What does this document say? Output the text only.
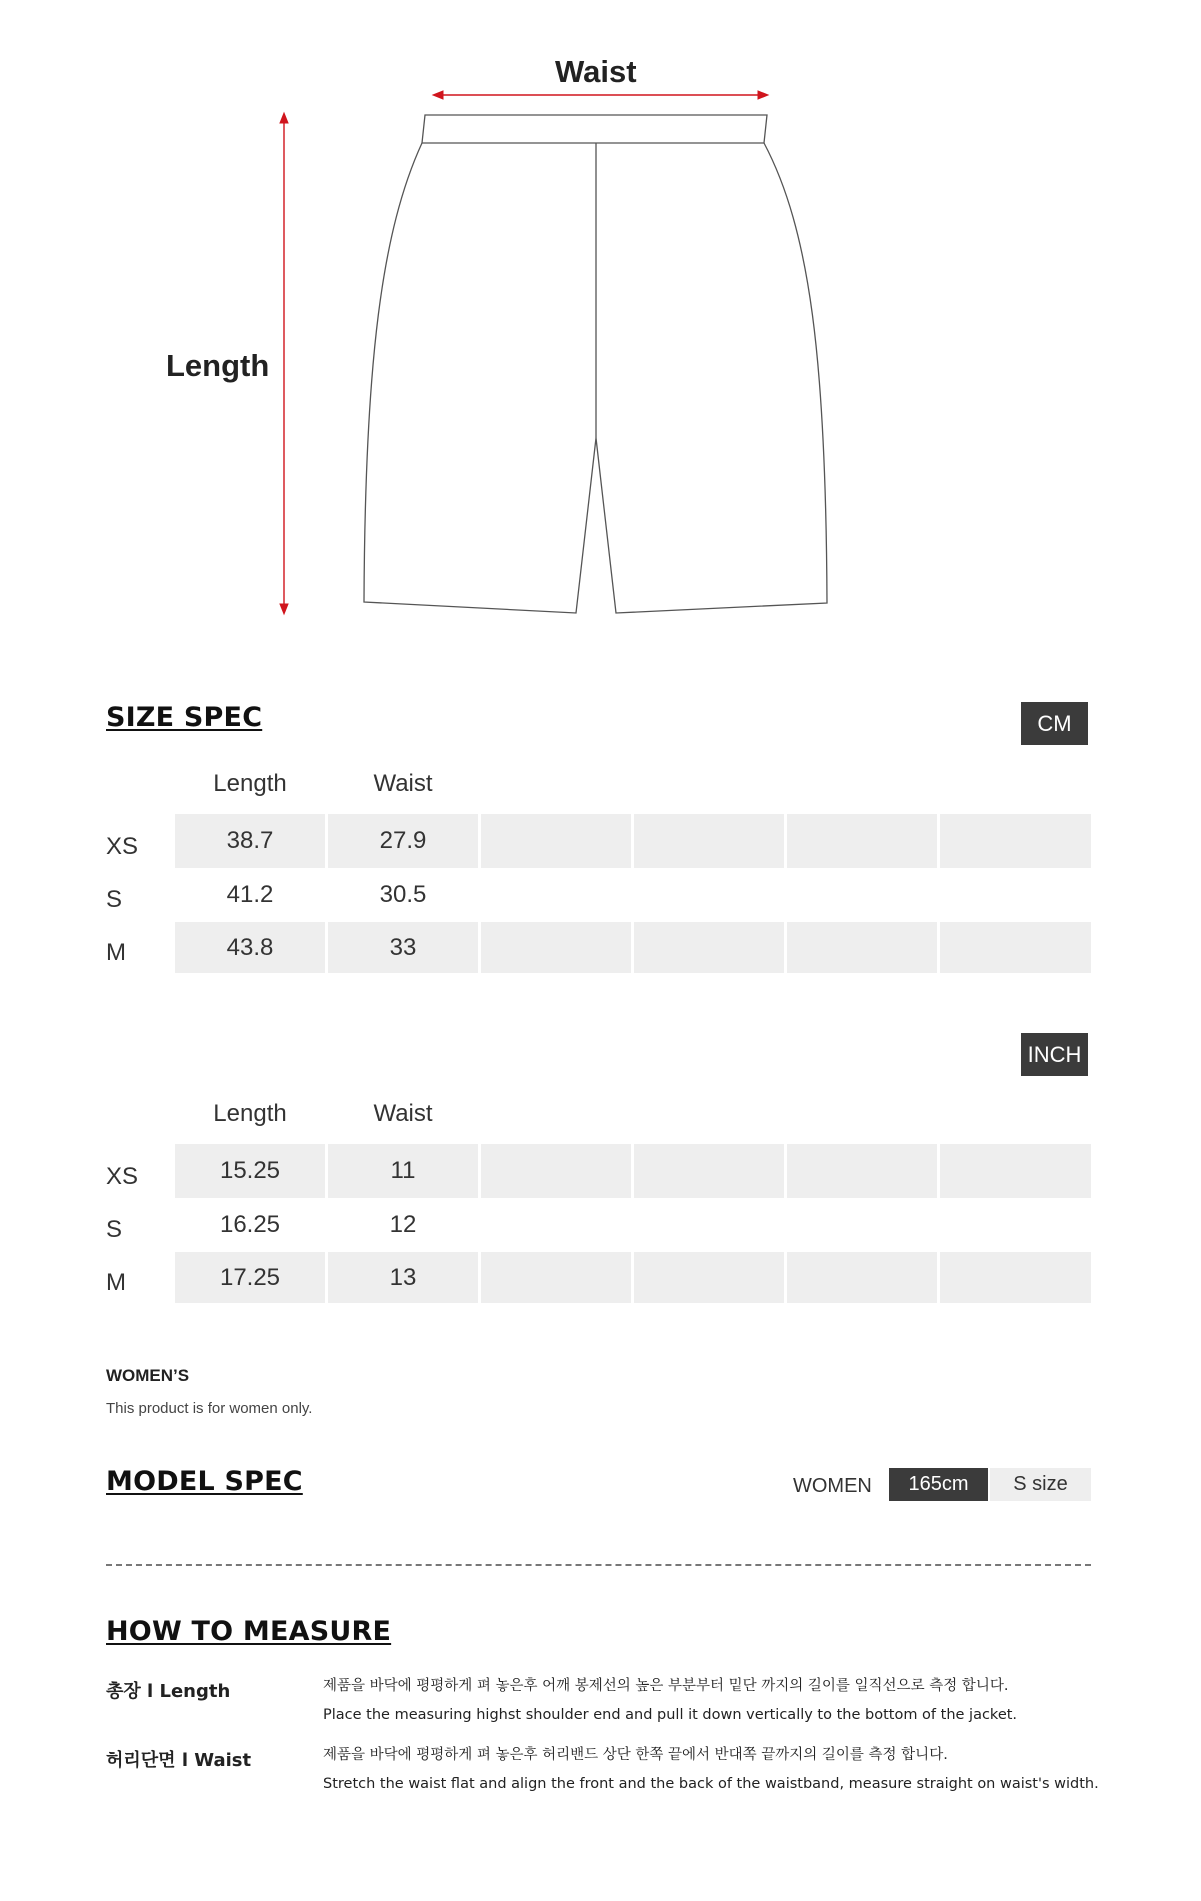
Waist
Length
SIZE SPEC	CM
Length	Waist
XS	38.7	27.9
S	41.2	30.5
M	43.8	33
INCH
Length	Waist
XS	15.25	11
S	16.25	12
M	17.25	13
WOMEN’S
This product is for women only.
MODEL SPEC	WOMEN	165cm	S size
HOW TO MEASURE
총장 l Length	제품을 바닥에 평평하게 펴 놓은후 어깨 봉제선의 높은 부분부터 밑단 까지의 길이를 일직선으로 측정 합니다.
Place the measuring highst shoulder end and pull it down vertically to the bottom of the jacket.
허리단면 l Waist	제품을 바닥에 평평하게 펴 놓은후 허리밴드 상단 한쪽 끝에서 반대쪽 끝까지의 길이를 측정 합니다.
Stretch the waist flat and align the front and the back of the waistband, measure straight on waist's width.
